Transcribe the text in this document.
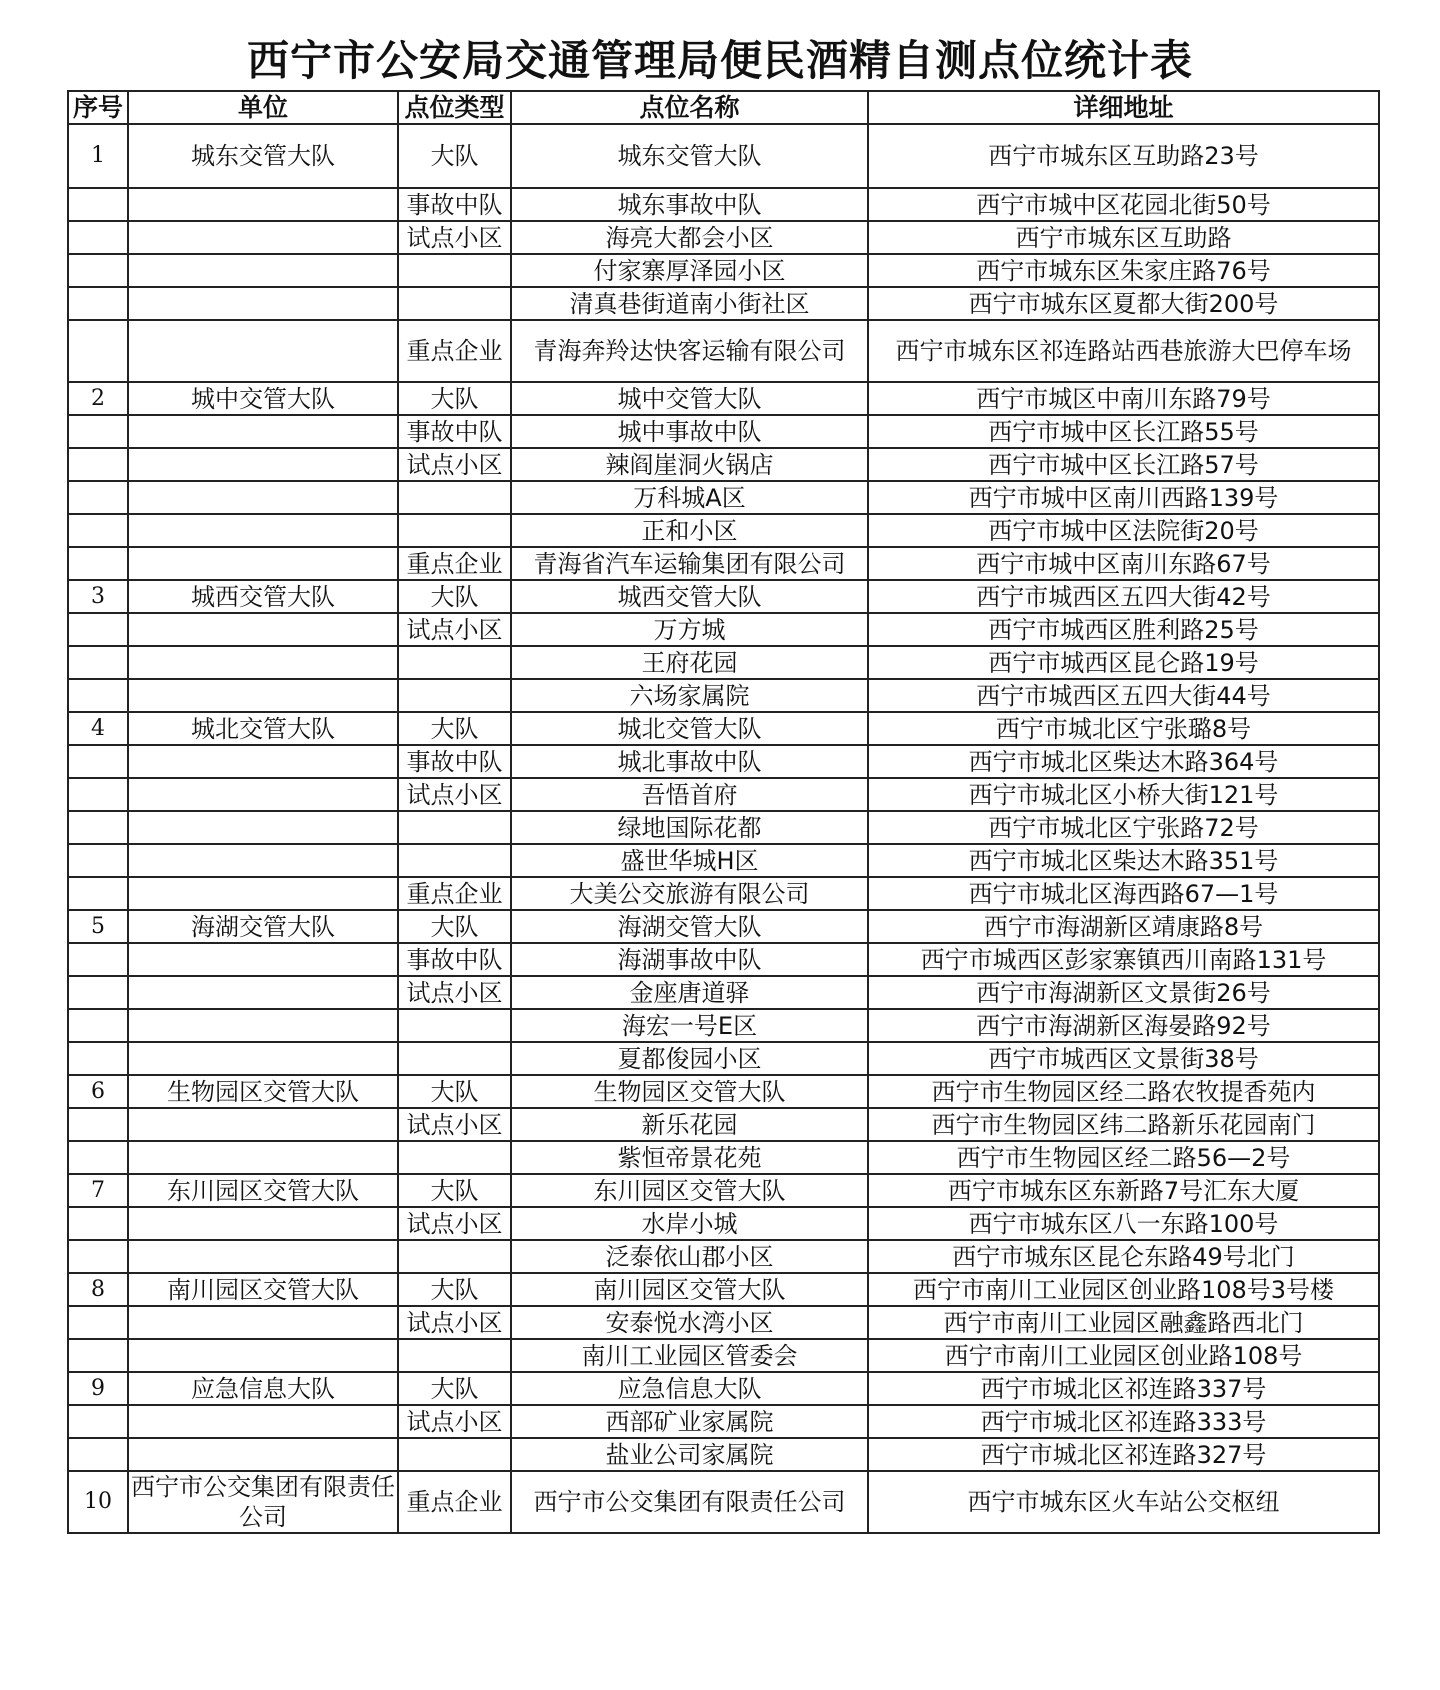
西宁市公安局交通管理局便民酒精自测点位统计表
序号	单位	点位类型	点位名称	详细地址
1	城东交管大队	大队	城东交管大队	西宁市城东区互助路23号
		事故中队	城东事故中队	西宁市城中区花园北街50号
		试点小区	海亮大都会小区	西宁市城东区互助路
			付家寨厚泽园小区	西宁市城东区朱家庄路76号
			清真巷街道南小街社区	西宁市城东区夏都大街200号
		重点企业	青海奔羚达快客运输有限公司	西宁市城东区祁连路站西巷旅游大巴停车场
2	城中交管大队	大队	城中交管大队	西宁市城区中南川东路79号
		事故中队	城中事故中队	西宁市城中区长江路55号
		试点小区	辣阎崖洞火锅店	西宁市城中区长江路57号
			万科城A区	西宁市城中区南川西路139号
			正和小区	西宁市城中区法院街20号
		重点企业	青海省汽车运输集团有限公司	西宁市城中区南川东路67号
3	城西交管大队	大队	城西交管大队	西宁市城西区五四大街42号
		试点小区	万方城	西宁市城西区胜利路25号
			王府花园	西宁市城西区昆仑路19号
			六场家属院	西宁市城西区五四大街44号
4	城北交管大队	大队	城北交管大队	西宁市城北区宁张璐8号
		事故中队	城北事故中队	西宁市城北区柴达木路364号
		试点小区	吾悟首府	西宁市城北区小桥大街121号
			绿地国际花都	西宁市城北区宁张路72号
			盛世华城H区	西宁市城北区柴达木路351号
		重点企业	大美公交旅游有限公司	西宁市城北区海西路67—1号
5	海湖交管大队	大队	海湖交管大队	西宁市海湖新区靖康路8号
		事故中队	海湖事故中队	西宁市城西区彭家寨镇西川南路131号
		试点小区	金座唐道驿	西宁市海湖新区文景街26号
			海宏一号E区	西宁市海湖新区海晏路92号
			夏都俊园小区	西宁市城西区文景街38号
6	生物园区交管大队	大队	生物园区交管大队	西宁市生物园区经二路农牧提香苑内
		试点小区	新乐花园	西宁市生物园区纬二路新乐花园南门
			紫恒帝景花苑	西宁市生物园区经二路56—2号
7	东川园区交管大队	大队	东川园区交管大队	西宁市城东区东新路7号汇东大厦
		试点小区	水岸小城	西宁市城东区八一东路100号
			泛泰依山郡小区	西宁市城东区昆仑东路49号北门
8	南川园区交管大队	大队	南川园区交管大队	西宁市南川工业园区创业路108号3号楼
		试点小区	安泰悦水湾小区	西宁市南川工业园区融鑫路西北门
			南川工业园区管委会	西宁市南川工业园区创业路108号
9	应急信息大队	大队	应急信息大队	西宁市城北区祁连路337号
		试点小区	西部矿业家属院	西宁市城北区祁连路333号
			盐业公司家属院	西宁市城北区祁连路327号
10	西宁市公交集团有限责任公司	重点企业	西宁市公交集团有限责任公司	西宁市城东区火车站公交枢纽
